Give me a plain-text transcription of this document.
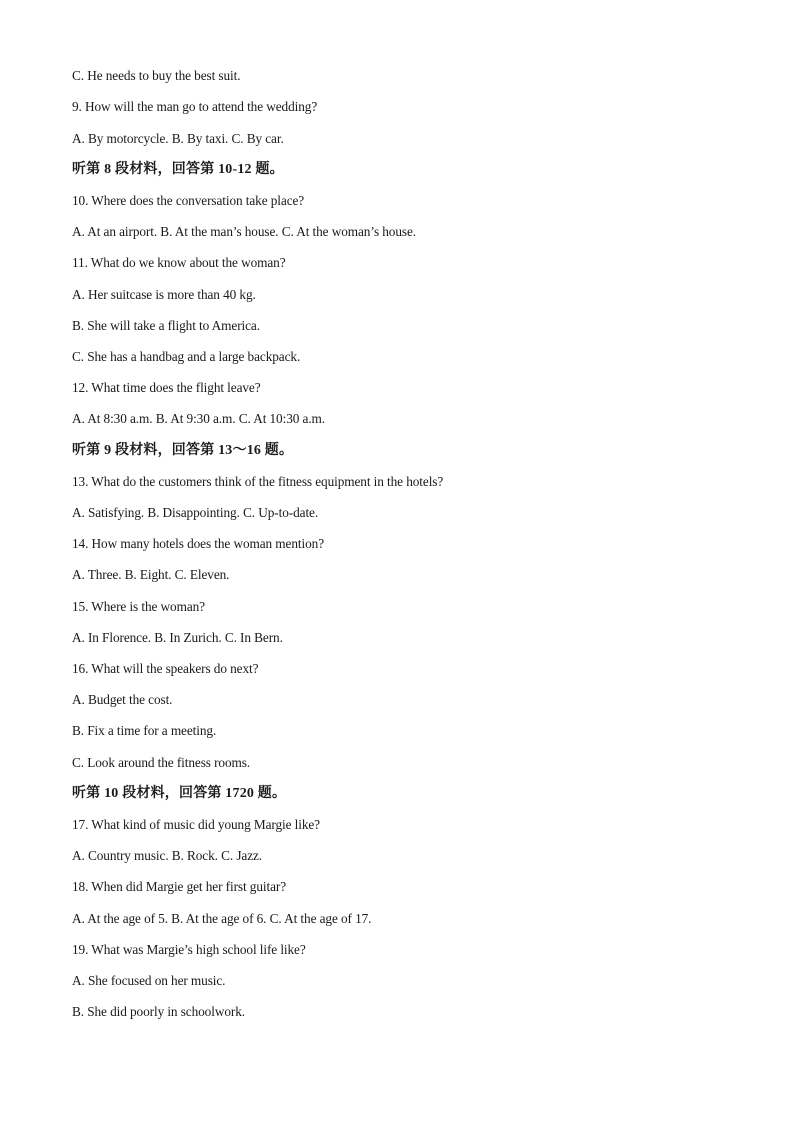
C. He needs to buy the best suit.
9. How will the man go to attend the wedding?
A. By motorcycle. B. By taxi. C. By car.
听第 8 段材料，回答第 10-12 题。
10. Where does the conversation take place?
A. At an airport. B. At the man’s house. C. At the woman’s house.
11. What do we know about the woman?
A. Her suitcase is more than 40 kg.
B. She will take a flight to America.
C. She has a handbag and a large backpack.
12. What time does the flight leave?
A. At 8:30 a.m. B. At 9:30 a.m. C. At 10:30 a.m.
听第 9 段材料，回答第 13～16 题。
13. What do the customers think of the fitness equipment in the hotels?
A. Satisfying. B. Disappointing. C. Up-to-date.
14. How many hotels does the woman mention?
A. Three. B. Eight. C. Eleven.
15. Where is the woman?
A. In Florence. B. In Zurich. C. In Bern.
16. What will the speakers do next?
A. Budget the cost.
B. Fix a time for a meeting.
C. Look around the fitness rooms.
听第 10 段材料，回答第 1720 题。
17. What kind of music did young Margie like?
A. Country music. B. Rock. C. Jazz.
18. When did Margie get her first guitar?
A. At the age of 5. B. At the age of 6. C. At the age of 17.
19. What was Margie’s high school life like?
A. She focused on her music.
B. She did poorly in schoolwork.
